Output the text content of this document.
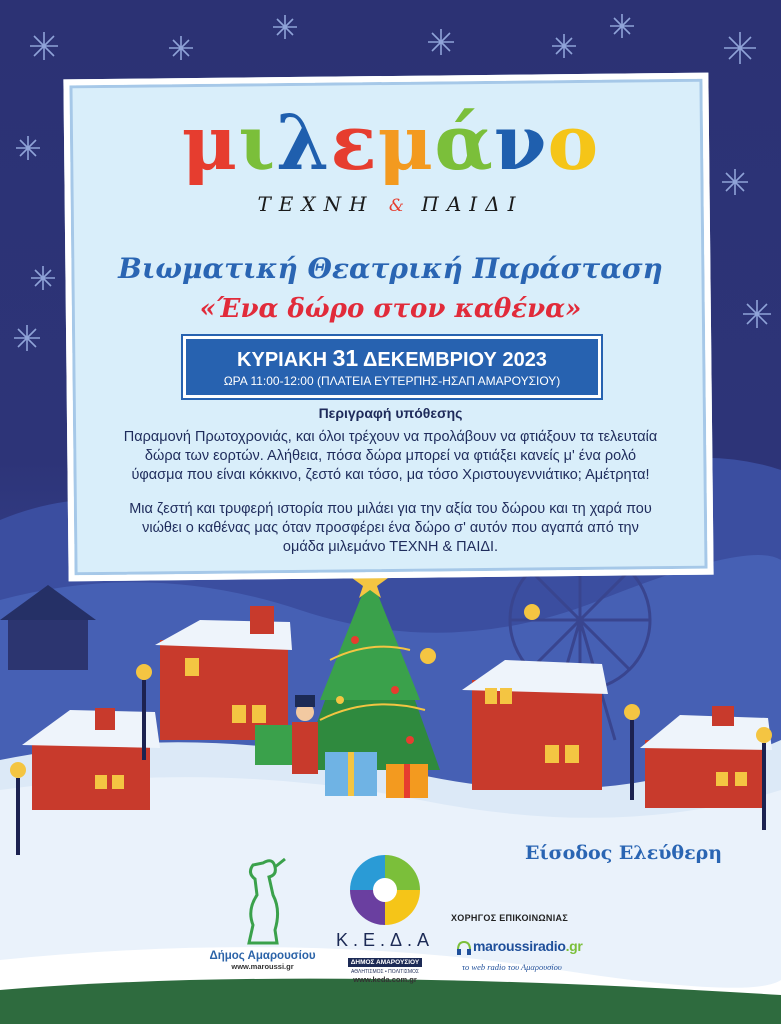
μιλεμάνο
ΤΕΧΝΗ & ΠΑΙΔΙ
Βιωματική Θεατρική Παράσταση
«Ένα δώρο στον καθένα»
ΚΥΡΙΑΚΗ 31 ΔΕΚΕΜΒΡΙΟΥ 2023
ΩΡΑ 11:00-12:00 (ΠΛΑΤΕΙΑ ΕΥΤΕΡΠΗΣ-ΗΣΑΠ ΑΜΑΡΟΥΣΙΟΥ)
Περιγραφή υπόθεσης
Παραμονή Πρωτοχρονιάς, και όλοι τρέχουν να προλάβουν να φτιάξουν τα τελευταία δώρα των εορτών. Αλήθεια, πόσα δώρα μπορεί να φτιάξει κανείς μ' ένα ρολό ύφασμα που είναι κόκκινο, ζεστό και τόσο, μα τόσο Χριστουγεννιάτικο; Αμέτρητα!
Μια ζεστή και τρυφερή ιστορία που μιλάει για την αξία του δώρου και τη χαρά που νιώθει ο καθένας μας όταν προσφέρει ένα δώρο σ' αυτόν που αγαπά από την ομάδα μιλεμάνο ΤΕΧΝΗ & ΠΑΙΔΙ.
Είσοδος Ελεύθερη
Δήμος Αμαρουσίου
www.maroussi.gr
Κ.Ε.Δ.Α
ΔΗΜΟΣ ΑΜΑΡΟΥΣΙΟΥ
ΑΘΛΗΤΙΣΜΟΣ • ΠΟΛΙΤΙΣΜΟΣ
www.keda.com.gr
ΧΟΡΗΓΟΣ ΕΠΙΚΟΙΝΩΝΙΑΣ
maroussiradio.gr
το web radio του Αμαρουσίου
